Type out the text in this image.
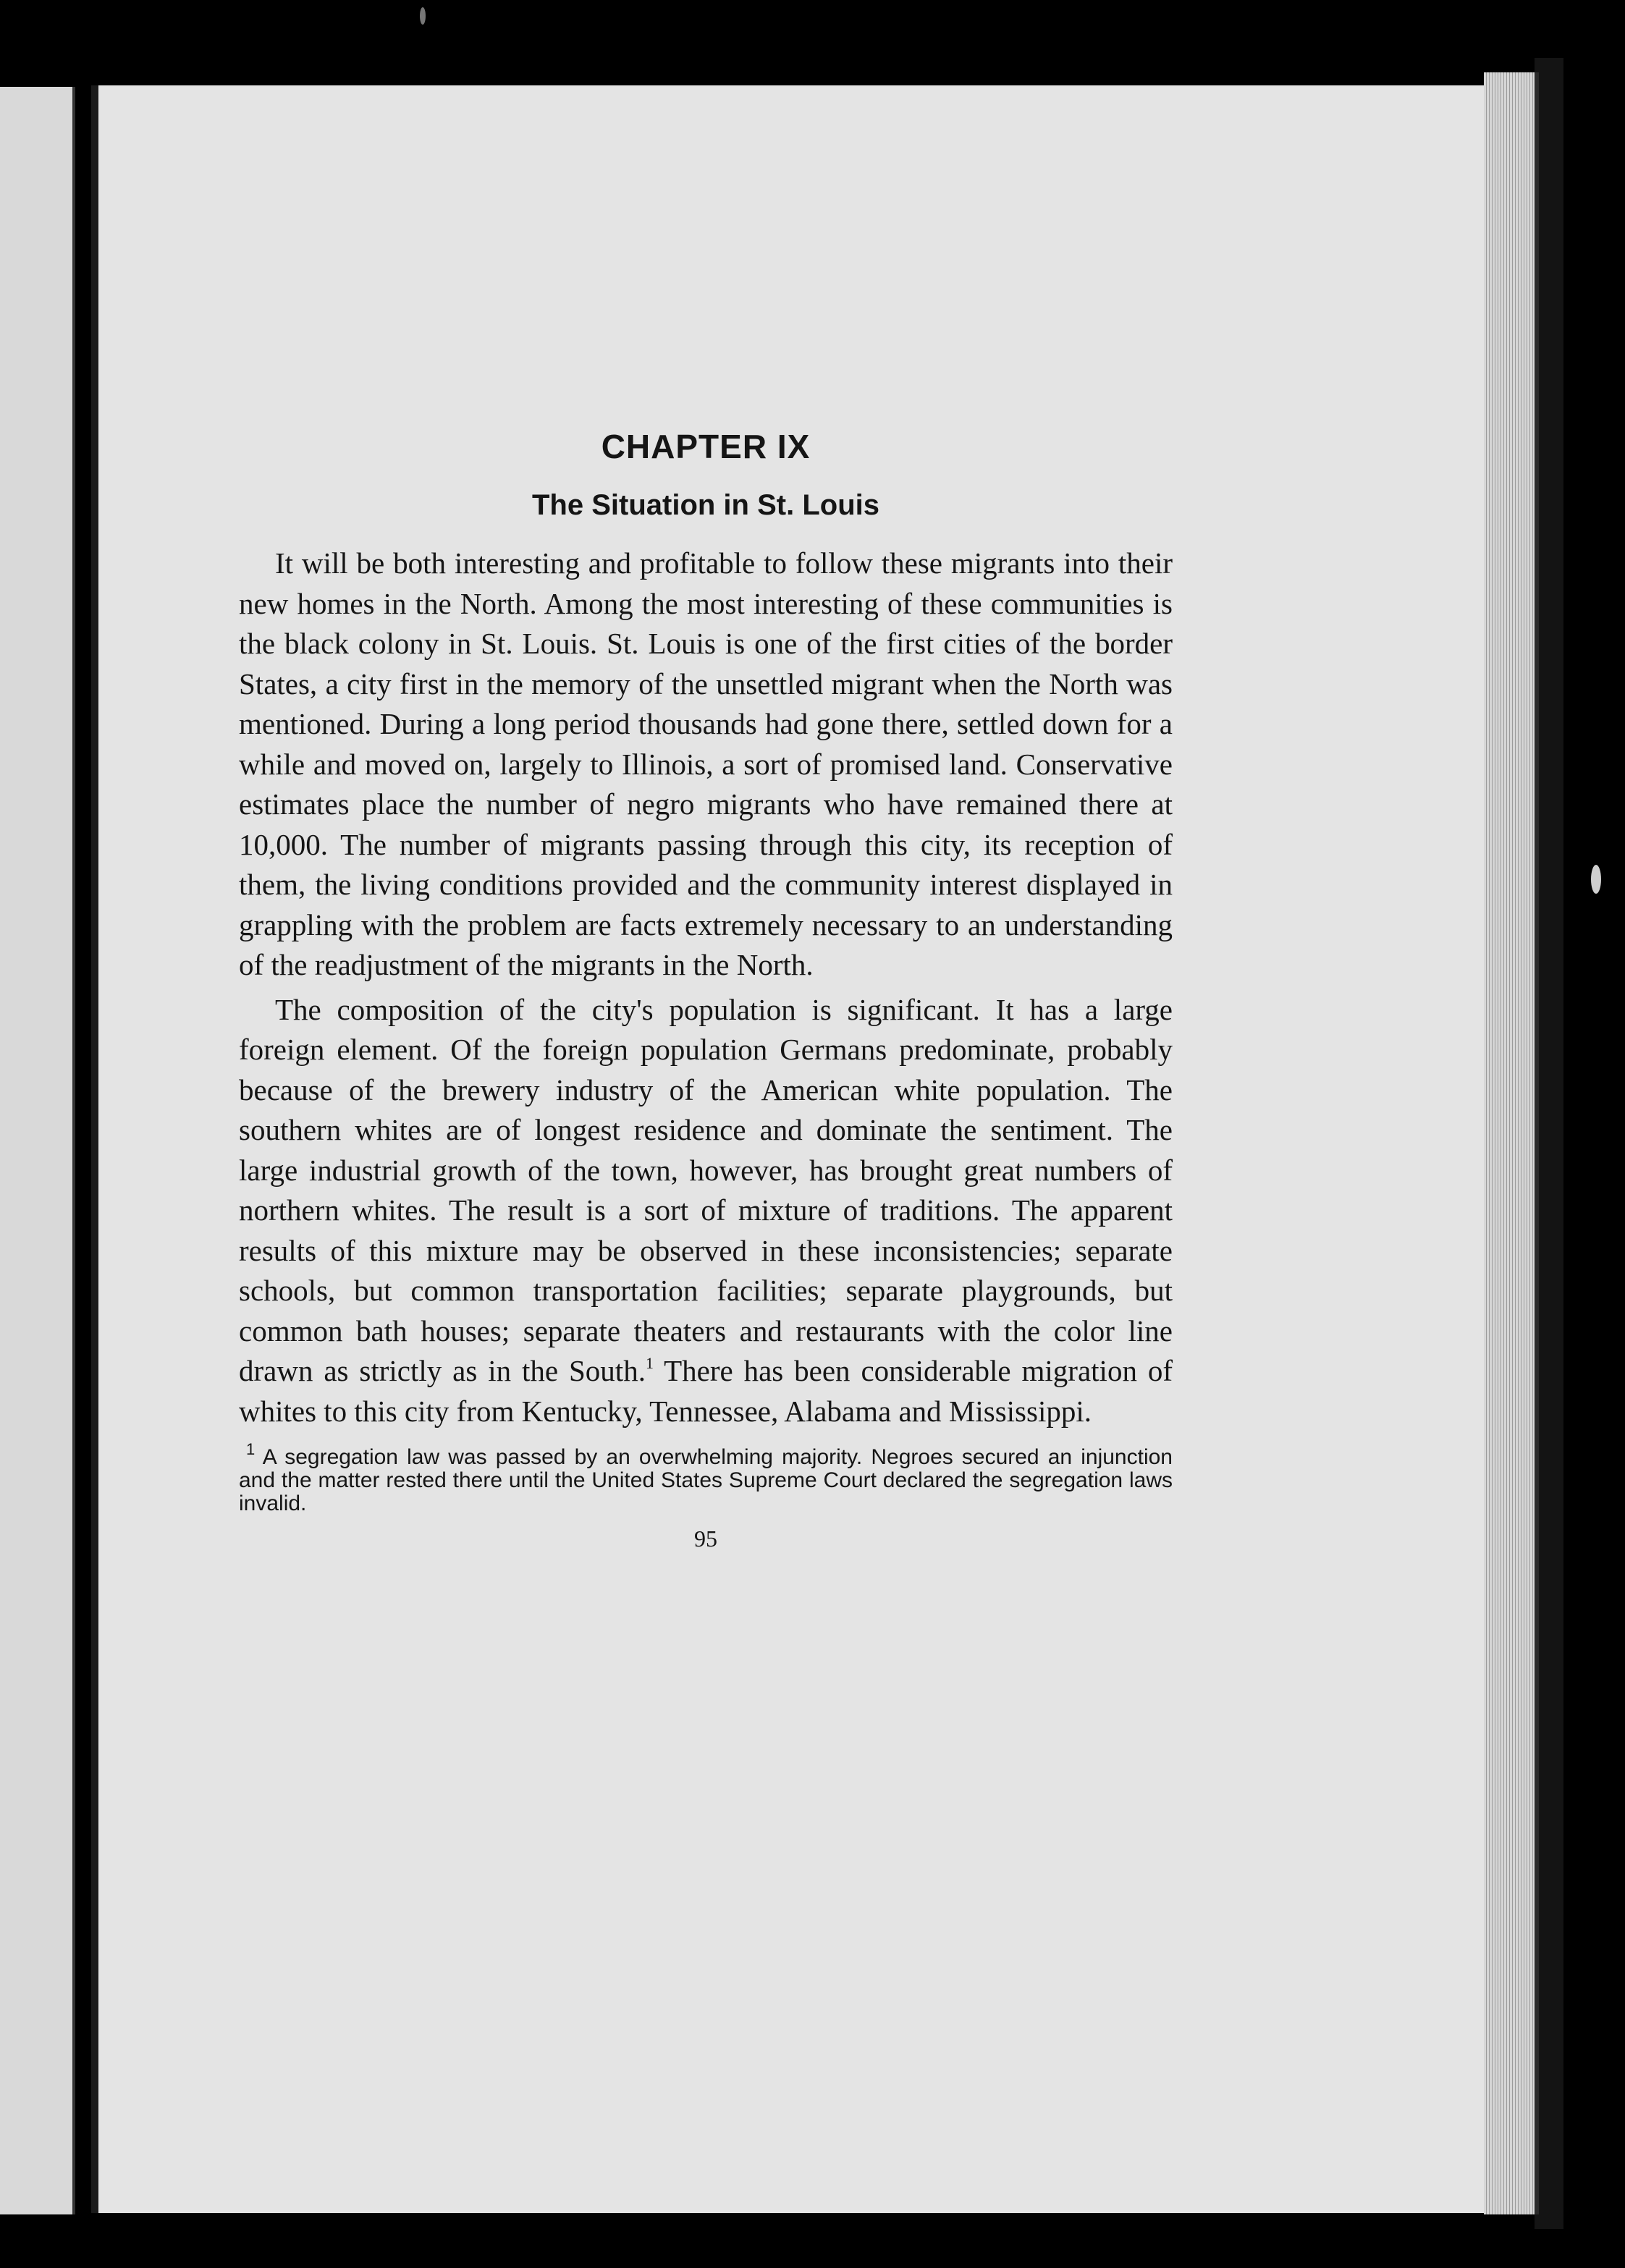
CHAPTER IX
The Situation in St. Louis

It will be both interesting and profitable to follow these migrants into their new homes in the North. Among the most interesting of these communities is the black colony in St. Louis. St. Louis is one of the first cities of the border States, a city first in the memory of the unsettled migrant when the North was mentioned. During a long period thousands had gone there, settled down for a while and moved on, largely to Illinois, a sort of promised land. Conservative estimates place the number of negro migrants who have remained there at 10,000. The number of migrants passing through this city, its reception of them, the living conditions provided and the community interest displayed in grappling with the problem are facts extremely necessary to an understanding of the readjustment of the migrants in the North.

The composition of the city's population is significant. It has a large foreign element. Of the foreign population Germans predominate, probably because of the brewery industry of the American white population. The southern whites are of longest residence and dominate the sentiment. The large industrial growth of the town, however, has brought great numbers of northern whites. The result is a sort of mixture of traditions. The apparent results of this mixture may be observed in these inconsistencies; separate schools, but common transportation facilities; separate playgrounds, but common bath houses; separate theaters and restaurants with the color line drawn as strictly as in the South.$^1$ There has been considerable migration of whites to this city from Kentucky, Tennessee, Alabama and Mississippi.

$^1$ A segregation law was passed by an overwhelming majority. Negroes secured an injunction and the matter rested there until the United States Supreme Court declared the segregation laws invalid.

95
